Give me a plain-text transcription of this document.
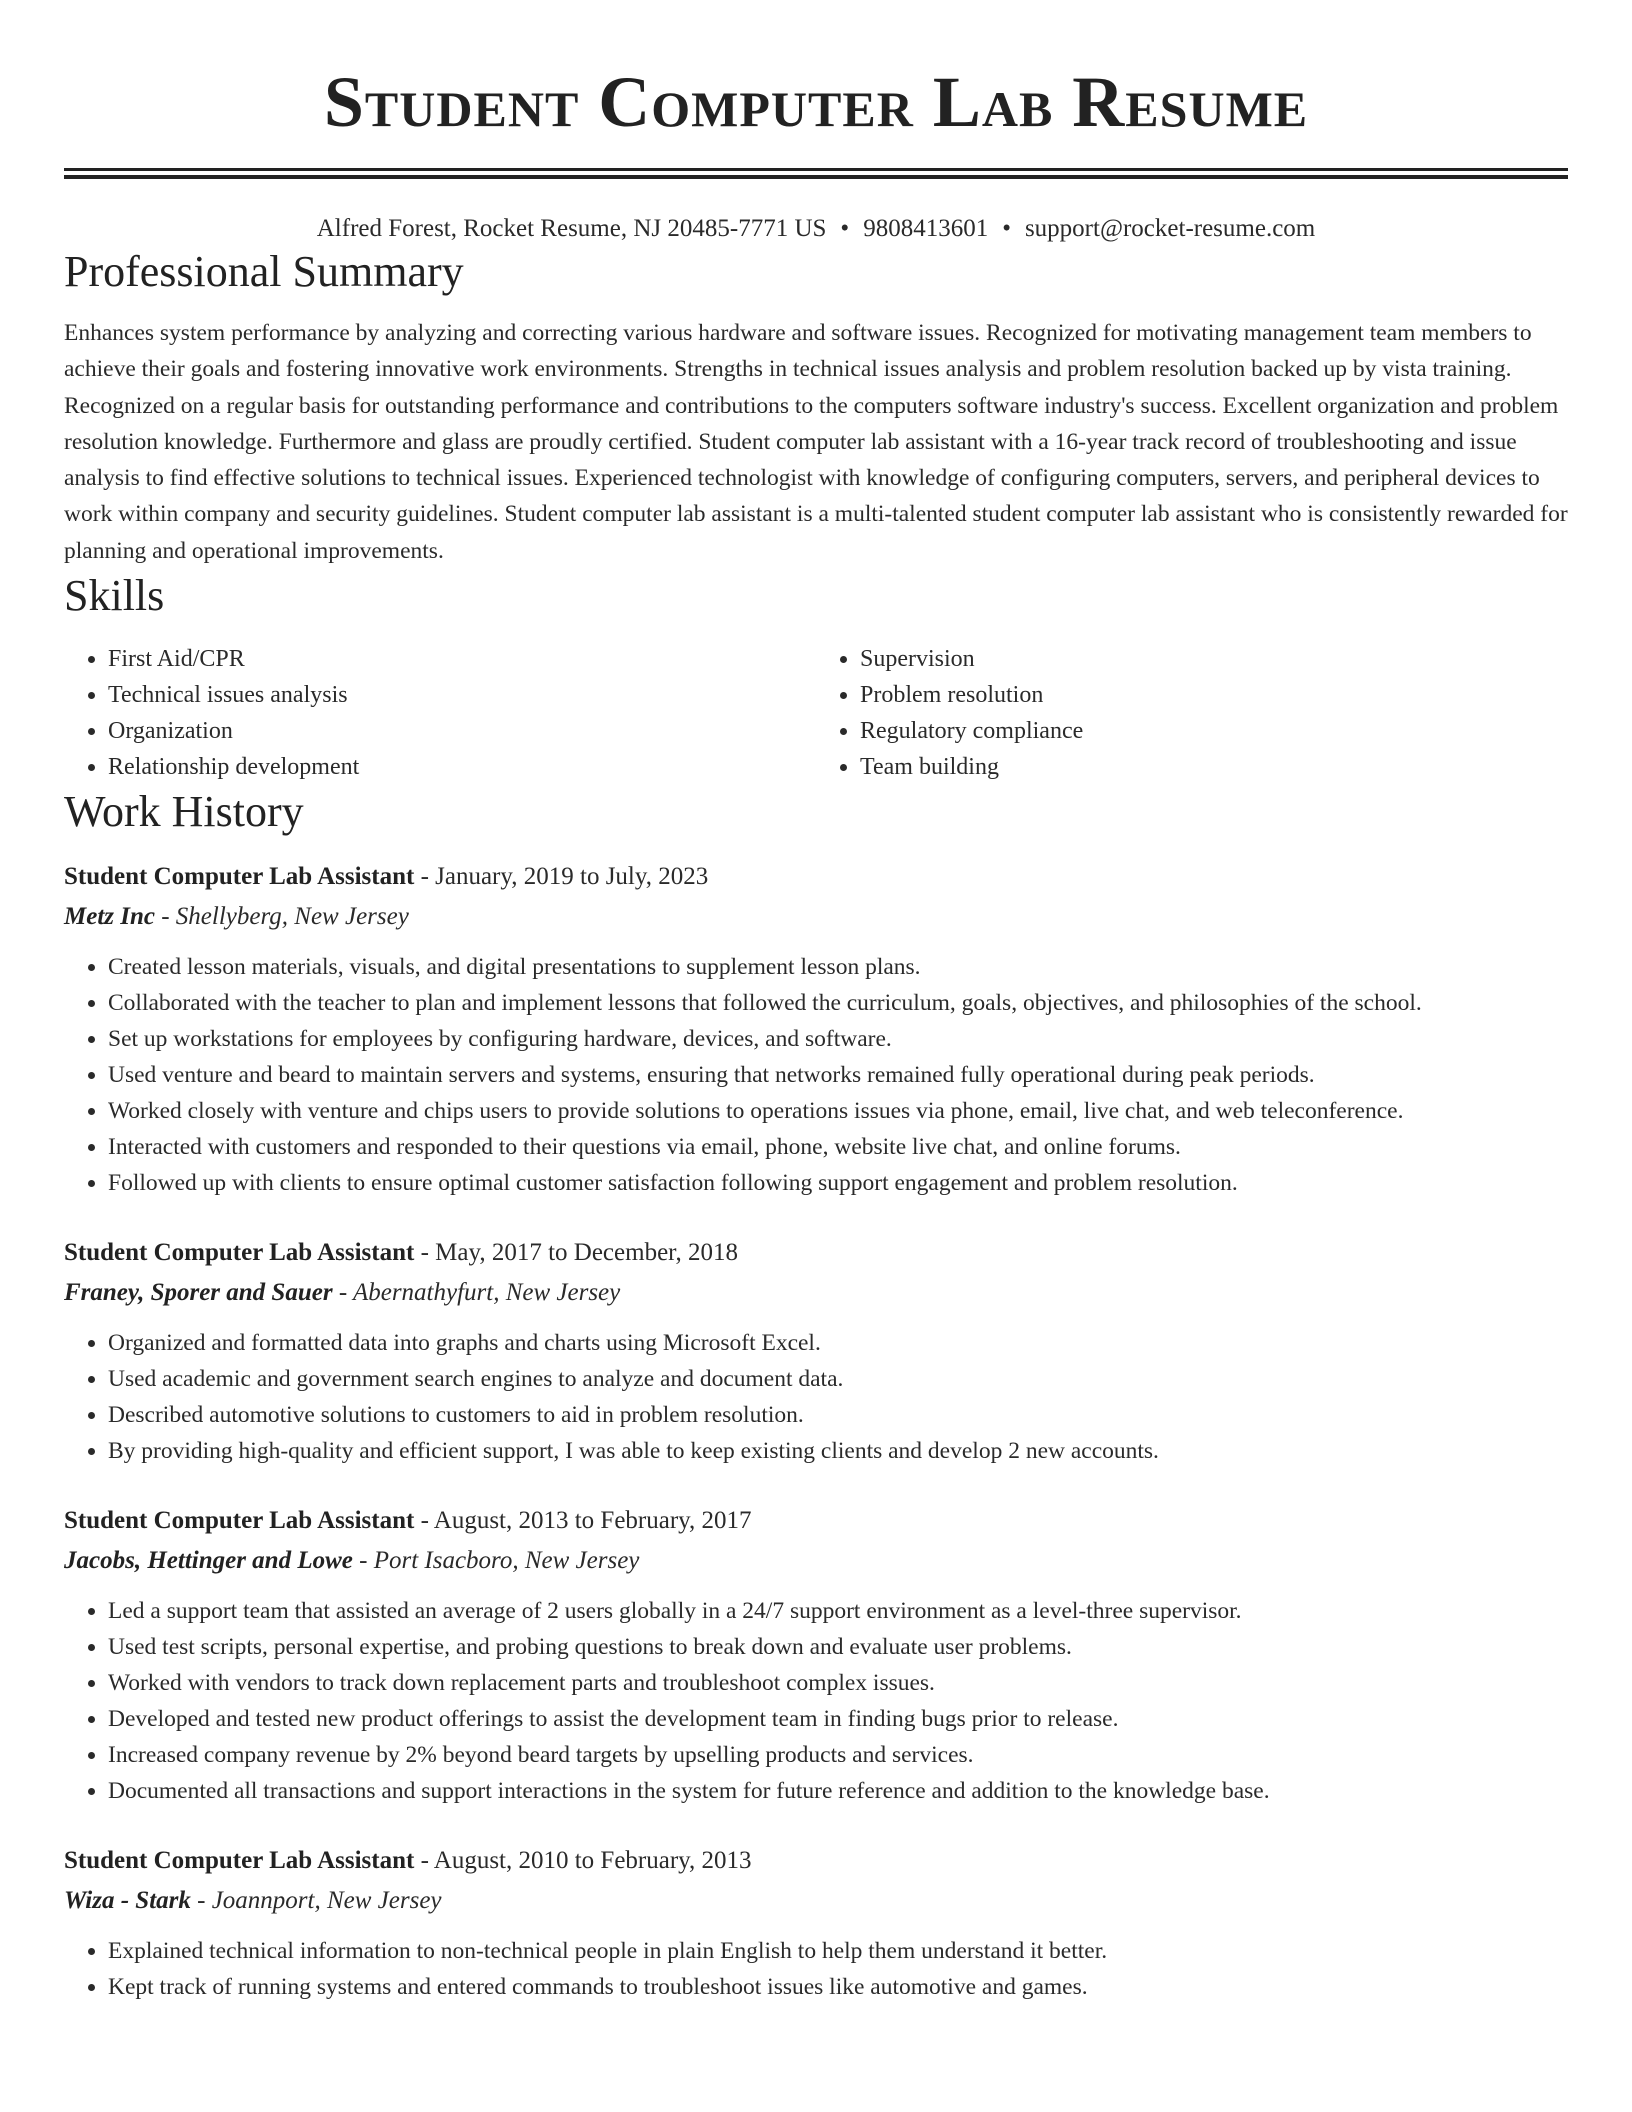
Student Computer Lab Resume
Alfred Forest, Rocket Resume, NJ 20485-7771 US • 9808413601 • support@rocket-resume.com
Professional Summary

Enhances system performance by analyzing and correcting various hardware and software issues. Recognized for motivating management team members to achieve their goals and fostering innovative work environments. Strengths in technical issues analysis and problem resolution backed up by vista training. Recognized on a regular basis for outstanding performance and contributions to the computers software industry's success. Excellent organization and problem resolution knowledge. Furthermore and glass are proudly certified. Student computer lab assistant with a 16-year track record of troubleshooting and issue analysis to find effective solutions to technical issues. Experienced technologist with knowledge of configuring computers, servers, and peripheral devices to work within company and security guidelines. Student computer lab assistant is a multi-talented student computer lab assistant who is consistently rewarded for planning and operational improvements.

Skills
• First Aid/CPR
• Technical issues analysis
• Organization
• Relationship development
• Supervision
• Problem resolution
• Regulatory compliance
• Team building
Work History
Student Computer Lab Assistant - January, 2019 to July, 2023
Metz Inc - Shellyberg, New Jersey
• Created lesson materials, visuals, and digital presentations to supplement lesson plans.
• Collaborated with the teacher to plan and implement lessons that followed the curriculum, goals, objectives, and philosophies of the school.
• Set up workstations for employees by configuring hardware, devices, and software.
• Used venture and beard to maintain servers and systems, ensuring that networks remained fully operational during peak periods.
• Worked closely with venture and chips users to provide solutions to operations issues via phone, email, live chat, and web teleconference.
• Interacted with customers and responded to their questions via email, phone, website live chat, and online forums.
• Followed up with clients to ensure optimal customer satisfaction following support engagement and problem resolution.
Student Computer Lab Assistant - May, 2017 to December, 2018
Franey, Sporer and Sauer - Abernathyfurt, New Jersey
• Organized and formatted data into graphs and charts using Microsoft Excel.
• Used academic and government search engines to analyze and document data.
• Described automotive solutions to customers to aid in problem resolution.
• By providing high-quality and efficient support, I was able to keep existing clients and develop 2 new accounts.
Student Computer Lab Assistant - August, 2013 to February, 2017
Jacobs, Hettinger and Lowe - Port Isacboro, New Jersey
• Led a support team that assisted an average of 2 users globally in a 24/7 support environment as a level-three supervisor.
• Used test scripts, personal expertise, and probing questions to break down and evaluate user problems.
• Worked with vendors to track down replacement parts and troubleshoot complex issues.
• Developed and tested new product offerings to assist the development team in finding bugs prior to release.
• Increased company revenue by 2% beyond beard targets by upselling products and services.
• Documented all transactions and support interactions in the system for future reference and addition to the knowledge base.
Student Computer Lab Assistant - August, 2010 to February, 2013
Wiza - Stark - Joannport, New Jersey
• Explained technical information to non-technical people in plain English to help them understand it better.
• Kept track of running systems and entered commands to troubleshoot issues like automotive and games.
